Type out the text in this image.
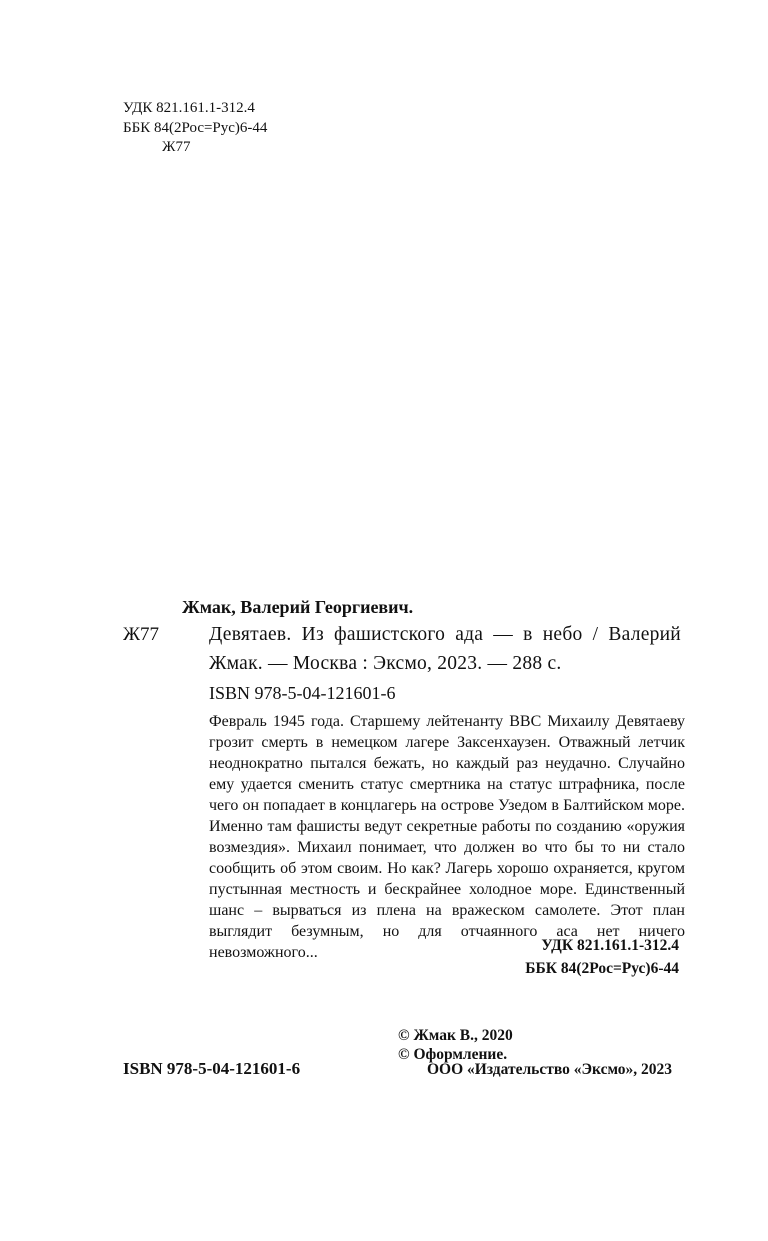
УДК 821.161.1-312.4
ББК 84(2Рос=Рус)6-44
Ж77
Жмак, Валерий Георгиевич.
Ж77	Девятаев. Из фашистского ада — в небо / Валерий Жмак. — Москва : Эксмо, 2023. — 288 с.
ISBN 978-5-04-121601-6

Февраль 1945 года. Старшему лейтенанту ВВС Михаилу Девятаеву грозит смерть в немецком лагере Заксенхаузен. Отважный летчик неоднократно пытался бежать, но каждый раз неудачно. Случайно ему удается сменить статус смертника на статус штрафника, после чего он попадает в концлагерь на острове Узедом в Балтийском море. Именно там фашисты ведут секретные работы по созданию «оружия возмездия». Михаил понимает, что должен во что бы то ни стало сообщить об этом своим. Но как? Лагерь хорошо охраняется, кругом пустынная местность и бескрайнее холодное море. Единственный шанс – вырваться из плена на вражеском самолете. Этот план выглядит безумным, но для отчаянного аса нет ничего невозможного...	УДК 821.161.1-312.4
ББК 84(2Рос=Рус)6-44
© Жмак В., 2020
© Оформление.
ООО «Издательство «Эксмо», 2023
ISBN 978-5-04-121601-6
